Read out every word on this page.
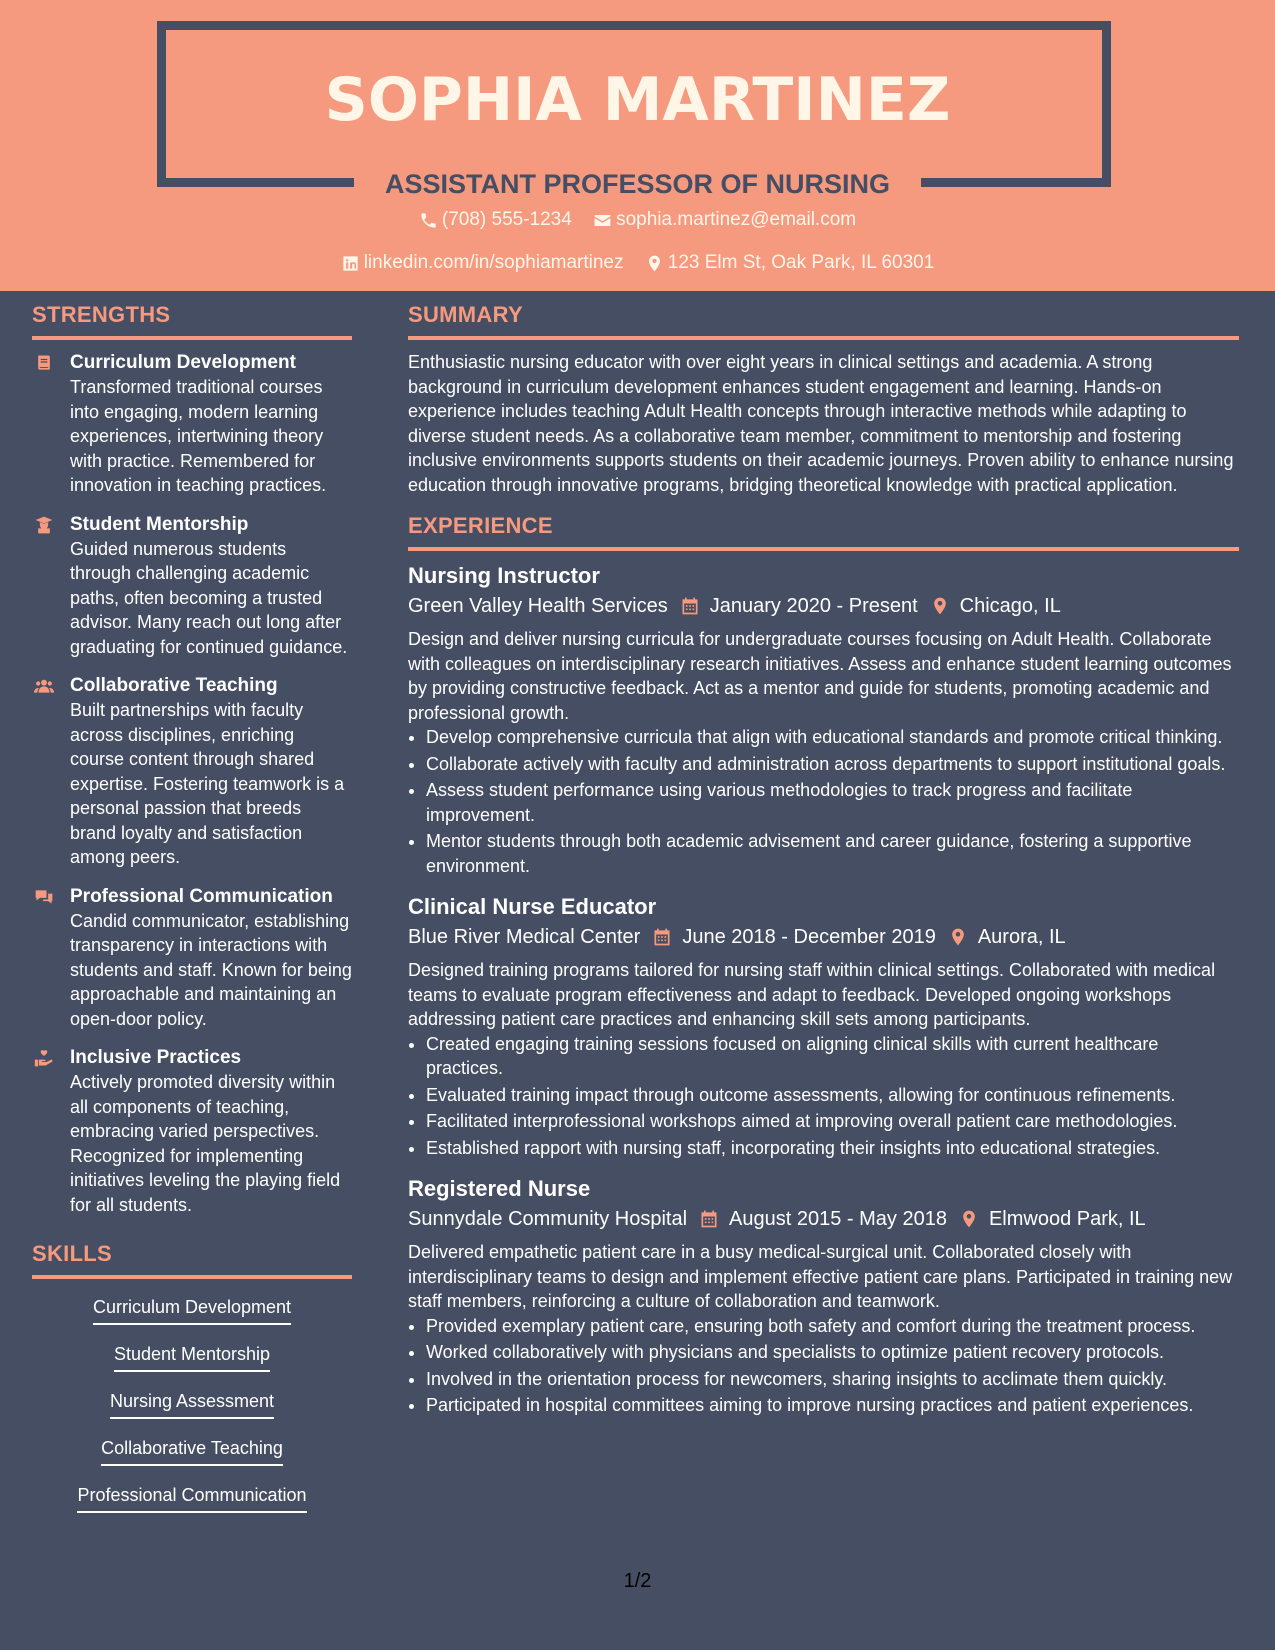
SOPHIA MARTINEZ
ASSISTANT PROFESSOR OF NURSING
(708) 555-1234
sophia.martinez@email.com
linkedin.com/in/sophiamartinez
123 Elm St, Oak Park, IL 60301
STRENGTHS
Curriculum Development
Transformed traditional courses into engaging, modern learning experiences, intertwining theory with practice. Remembered for innovation in teaching practices.
Student Mentorship
Guided numerous students through challenging academic paths, often becoming a trusted advisor. Many reach out long after graduating for continued guidance.
Collaborative Teaching
Built partnerships with faculty across disciplines, enriching course content through shared expertise. Fostering teamwork is a personal passion that breeds brand loyalty and satisfaction among peers.
Professional Communication
Candid communicator, establishing transparency in interactions with students and staff. Known for being approachable and maintaining an open-door policy.
Inclusive Practices
Actively promoted diversity within all components of teaching, embracing varied perspectives. Recognized for implementing initiatives leveling the playing field for all students.
SKILLS
Curriculum Development
Student Mentorship
Nursing Assessment
Collaborative Teaching
Professional Communication
SUMMARY
Enthusiastic nursing educator with over eight years in clinical settings and academia. A strong background in curriculum development enhances student engagement and learning. Hands-on experience includes teaching Adult Health concepts through interactive methods while adapting to diverse student needs. As a collaborative team member, commitment to mentorship and fostering inclusive environments supports students on their academic journeys. Proven ability to enhance nursing education through innovative programs, bridging theoretical knowledge with practical application.
EXPERIENCE
Nursing Instructor
Green Valley Health Services January 2020 - Present Chicago, IL
Design and deliver nursing curricula for undergraduate courses focusing on Adult Health. Collaborate with colleagues on interdisciplinary research initiatives. Assess and enhance student learning outcomes by providing constructive feedback. Act as a mentor and guide for students, promoting academic and professional growth.
• Develop comprehensive curricula that align with educational standards and promote critical thinking.
• Collaborate actively with faculty and administration across departments to support institutional goals.
• Assess student performance using various methodologies to track progress and facilitate improvement.
• Mentor students through both academic advisement and career guidance, fostering a supportive environment.
Clinical Nurse Educator
Blue River Medical Center June 2018 - December 2019 Aurora, IL
Designed training programs tailored for nursing staff within clinical settings. Collaborated with medical teams to evaluate program effectiveness and adapt to feedback. Developed ongoing workshops addressing patient care practices and enhancing skill sets among participants.
• Created engaging training sessions focused on aligning clinical skills with current healthcare practices.
• Evaluated training impact through outcome assessments, allowing for continuous refinements.
• Facilitated interprofessional workshops aimed at improving overall patient care methodologies.
• Established rapport with nursing staff, incorporating their insights into educational strategies.
Registered Nurse
Sunnydale Community Hospital August 2015 - May 2018 Elmwood Park, IL
Delivered empathetic patient care in a busy medical-surgical unit. Collaborated closely with interdisciplinary teams to design and implement effective patient care plans. Participated in training new staff members, reinforcing a culture of collaboration and teamwork.
• Provided exemplary patient care, ensuring both safety and comfort during the treatment process.
• Worked collaboratively with physicians and specialists to optimize patient recovery protocols.
• Involved in the orientation process for newcomers, sharing insights to acclimate them quickly.
• Participated in hospital committees aiming to improve nursing practices and patient experiences.
1/2
